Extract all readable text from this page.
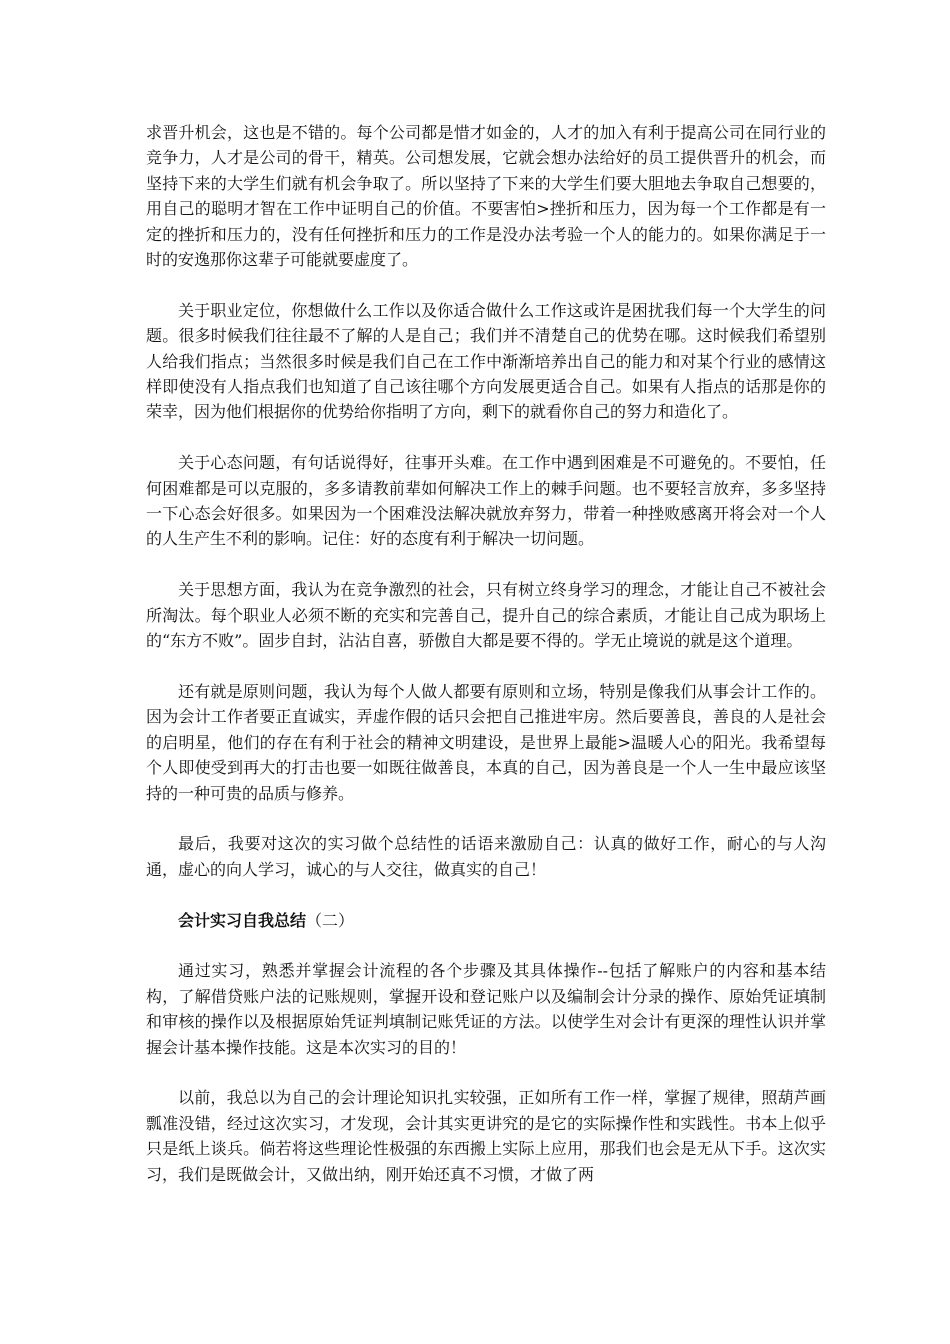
求晋升机会，这也是不错的。每个公司都是惜才如金的，人才的加入有利于提高公司在同行业的竞争力，人才是公司的骨干，精英。公司想发展，它就会想办法给好的员工提供晋升的机会，而坚持下来的大学生们就有机会争取了。所以坚持了下来的大学生们要大胆地去争取自己想要的，用自己的聪明才智在工作中证明自己的价值。不要害怕>挫折和压力，因为每一个工作都是有一定的挫折和压力的，没有任何挫折和压力的工作是没办法考验一个人的能力的。如果你满足于一时的安逸那你这辈子可能就要虚度了。

关于职业定位，你想做什么工作以及你适合做什么工作这或许是困扰我们每一个大学生的问题。很多时候我们往往最不了解的人是自己；我们并不清楚自己的优势在哪。这时候我们希望别人给我们指点；当然很多时候是我们自己在工作中渐渐培养出自己的能力和对某个行业的感情这样即使没有人指点我们也知道了自己该往哪个方向发展更适合自己。如果有人指点的话那是你的荣幸，因为他们根据你的优势给你指明了方向，剩下的就看你自己的努力和造化了。

关于心态问题，有句话说得好，往事开头难。在工作中遇到困难是不可避免的。不要怕，任何困难都是可以克服的，多多请教前辈如何解决工作上的棘手问题。也不要轻言放弃，多多坚持一下心态会好很多。如果因为一个困难没法解决就放弃努力，带着一种挫败感离开将会对一个人的人生产生不利的影响。记住：好的态度有利于解决一切问题。

关于思想方面，我认为在竞争激烈的社会，只有树立终身学习的理念，才能让自己不被社会所淘汰。每个职业人必须不断的充实和完善自己，提升自己的综合素质，才能让自己成为职场上的“东方不败”。固步自封，沾沾自喜，骄傲自大都是要不得的。学无止境说的就是这个道理。

还有就是原则问题，我认为每个人做人都要有原则和立场，特别是像我们从事会计工作的。因为会计工作者要正直诚实，弄虚作假的话只会把自己推进牢房。然后要善良，善良的人是社会的启明星，他们的存在有利于社会的精神文明建设，是世界上最能>温暖人心的阳光。我希望每个人即使受到再大的打击也要一如既往做善良，本真的自己，因为善良是一个人一生中最应该坚持的一种可贵的品质与修养。

最后，我要对这次的实习做个总结性的话语来激励自己：认真的做好工作，耐心的与人沟通，虚心的向人学习，诚心的与人交往，做真实的自己！

会计实习自我总结（二）

通过实习，熟悉并掌握会计流程的各个步骤及其具体操作--包括了解账户的内容和基本结构，了解借贷账户法的记账规则，掌握开设和登记账户以及编制会计分录的操作、原始凭证填制和审核的操作以及根据原始凭证判填制记账凭证的方法。以使学生对会计有更深的理性认识并掌握会计基本操作技能。这是本次实习的目的！

以前，我总以为自己的会计理论知识扎实较强，正如所有工作一样，掌握了规律，照葫芦画瓢准没错，经过这次实习，才发现，会计其实更讲究的是它的实际操作性和实践性。书本上似乎只是纸上谈兵。倘若将这些理论性极强的东西搬上实际上应用，那我们也会是无从下手。这次实习，我们是既做会计，又做出纳，刚开始还真不习惯，才做了两
